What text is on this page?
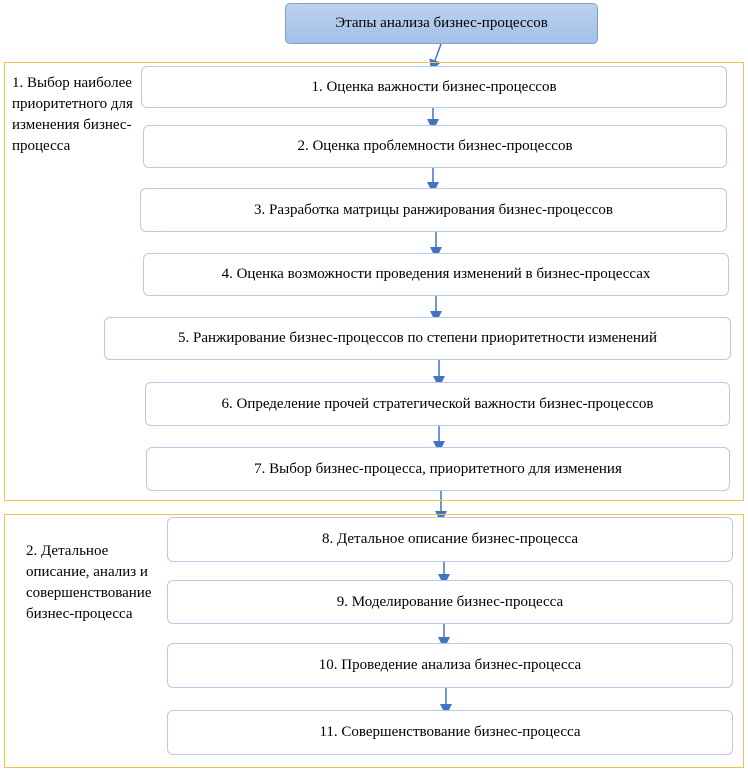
Этапы анализа бизнес-процессов
1. Выбор наиболее приоритетного для изменения бизнес-процесса
2. Детальное описание, анализ и совершенствование бизнес-процесса
1. Оценка важности бизнес-процессов
2. Оценка проблемности бизнес-процессов
3. Разработка матрицы ранжирования бизнес-процессов
4. Оценка возможности проведения изменений в бизнес-процессах
5. Ранжирование бизнес-процессов по степени приоритетности изменений
6. Определение прочей стратегической важности бизнес-процессов
7. Выбор бизнес-процесса, приоритетного для изменения
8. Детальное описание бизнес-процесса
9. Моделирование бизнес-процесса
10. Проведение анализа бизнес-процесса
11. Совершенствование бизнес-процесса
